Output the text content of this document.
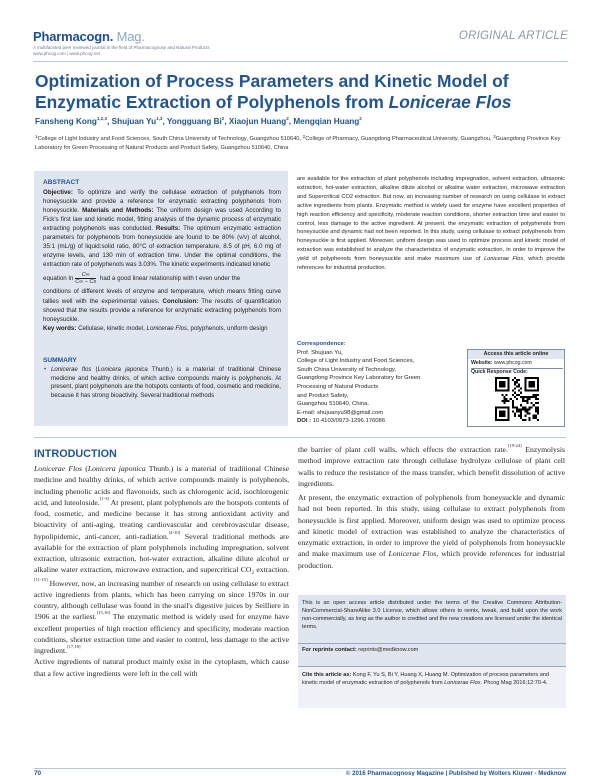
Pharmacogn. Mag.
A multifaceted peer reviewed journal in the field of Pharmacognosy and Natural Products
www.phcog.com | www.phcog.net
ORIGINAL ARTICLE
Optimization of Process Parameters and Kinetic Model of
Enzymatic Extraction of Polyphenols from Lonicerae Flos
Fansheng Kong$^{1,2,3}$, Shujuan Yu$^{1,3}$, Yongguang Bi$^2$, Xiaojun Huang$^2$, Mengqian Huang$^2$
$^1$College of Light Industry and Food Sciences, South China University of Technology, Guangzhou 510640, $^2$College of Pharmacy, Guangdong Pharmaceutical University, Guangzhou, $^3$Guangdong Province Key Laboratory for Green Processing of Natural Products and Product Safety, Guangzhou 510640, China
ABSTRACT
Objective: To optimize and verify the cellulase extraction of polyphenols from honeysuckle and provide a reference for enzymatic extracting polyphenols from honeysuckle. Materials and Methods: The uniform design was used According to Fick's first law and kinetic model, fitting analysis of the dynamic process of enzymatic extracting polyphenols was conducted. Results: The optimum enzymatic extraction parameters for polyphenols from honeysuckle are found to be 80% (v/v) of alcohol, 35:1 (mL/g) of liquid:solid ratio, 80°C of extraction temperature, 8.5 of pH, 6.0 mg of enzyme levels, and 130 min of extraction time. Under the optimal conditions, the extraction rate of polyphenols was 3.03%. The kinetic experiments indicated kinetic
equation $\ln \frac{C\infty}{C\infty - Cs}$ had a good linear relationship with t even under the
conditions of different levels of enzyme and temperature, which means fitting curve tallies well with the experimental values. Conclusion: The results of quantification showed that the results provide a reference for enzymatic extracting polyphenols from honeysuckle.
Key words: Cellulase, kinetic model, Lonicerae Flos, polyphenols, uniform design
SUMMARY
• Lonicerae flos (Lonicera japonica Thunb.) is a material of traditional Chinese medicine and healthy drinks, of which active compounds mainly is polyphenols. At present, plant polyphenols are the hotspots contents of food, cosmetic and medicine, because it has strong bioactivity. Several traditional methods
are available for the extraction of plant polyphenols including impregnation, solvent extraction, ultrasonic extraction, hot-water extraction, alkaline dilute alcohol or alkaline water extraction, microwave extraction and Supercritical CO2 extraction. But now, an increasing number of research on using cellulase to extract active ingredients from plants. Enzymatic method is widely used for enzyme have excellent properties of high reaction efficiency and specificity, moderate reaction conditions, shorter extraction time and easier to control, less damage to the active ingredient. At present, the enzymatic extraction of polyphenols from honeysuckle and dynamic had not been reported. In this study, using cellulase to extract polyphenols from honeysuckle is first applied. Moreover, uniform design was used to optimize process and kinetic model of extraction was established to analyze the characteristics of enzymatic extraction, in order to improve the yield of polyphenols from honeysuckle and make maximum use of Lonicerae Flos, which provide references for industrial production.
Correspondence:
Prof. Shujuan Yu,
College of Light Industry and Food Sciences,
South China University of Technology,
Guangdong Province Key Laboratory for Green
Processing of Natural Products
and Product Safety,
Guangzhou 510640, China.
E-mail: shujuanyu98@gmail.com
DOI : 10.4103/0973-1296.176086
Access this article online
Website: www.phcog.com
Quick Response Code:
INTRODUCTION

Lonicerae Flos (Lonicera japonica Thunb.) is a material of traditional Chinese medicine and healthy drinks, of which active compounds mainly is polyphenols, including phenolic acids and flavonoids, such as chlorogenic acid, isochlorogenic acid, and luteoloside.[1-3] At present, plant polyphenols are the hotspots contents of food, cosmetic, and medicine because it has strong antioxidant activity and bioactivity of anti-aging, treating cardiovascular and cerebrovascular disease, hypolipidemic, anti-cancer, anti-radiation.[4-10] Several traditional methods are available for the extraction of plant polyphenols including impregnation, solvent extraction, ultrasonic extraction, hot-water extraction, alkaline dilute alcohol or alkaline water extraction, microwave extraction, and supercritical $CO_2$ extraction.[11-15] However, now, an increasing number of research on using cellulase to extract active ingredients from plants, which has been carrying on since 1970s in our country, although cellulase was found in the snail's digestive juices by Seilliere in 1906 at the earliest.[15,16] The enzymatic method is widely used for enzyme have excellent properties of high reaction efficiency and specificity, moderate reaction conditions, shorter extraction time and easier to control, less damage to the active ingredient.[17,18]

Active ingredients of natural product mainly exist in the cytoplasm, which cause that a few active ingredients were left in the cell with

the barrier of plant cell walls, which effects the extraction rate.[19-24] Enzymolysis method improve extraction rate through cellulase hydrolyze cellulose of plant cell walls to reduce the resistance of the mass transfer, which benefit dissolution of active ingredients.

At present, the enzymatic extraction of polyphenols from honeysuckle and dynamic had not been reported. In this study, using cellulase to extract polyphenols from honeysuckle is first applied. Moreover, uniform design was used to optimize process and kinetic model of extraction was established to analyze the characteristics of enzymatic extraction, in order to improve the yield of polyphenols from honeysuckle and make maximum use of Lonicerae Flos, which provide references for industrial production.

This is an open access article distributed under the terms of the Creative Commons Attribution-NonCommercial-ShareAlike 3.0 License, which allows others to remix, tweak, and build upon the work non-commercially, as long as the author is credited and the new creations are licensed under the identical terms.
For reprints contact: reprints@medknow.com
Cite this article as: Kong F, Yu S, Bi Y, Huang X, Huang M. Optimization of process parameters and kinetic model of enzymatic extraction of polyphenols from Lonicerae Flos. Phcog Mag 2016;12:70-4.
70	© 2016 Pharmacognosy Magazine | Published by Wolters Kluwer - Medknow
